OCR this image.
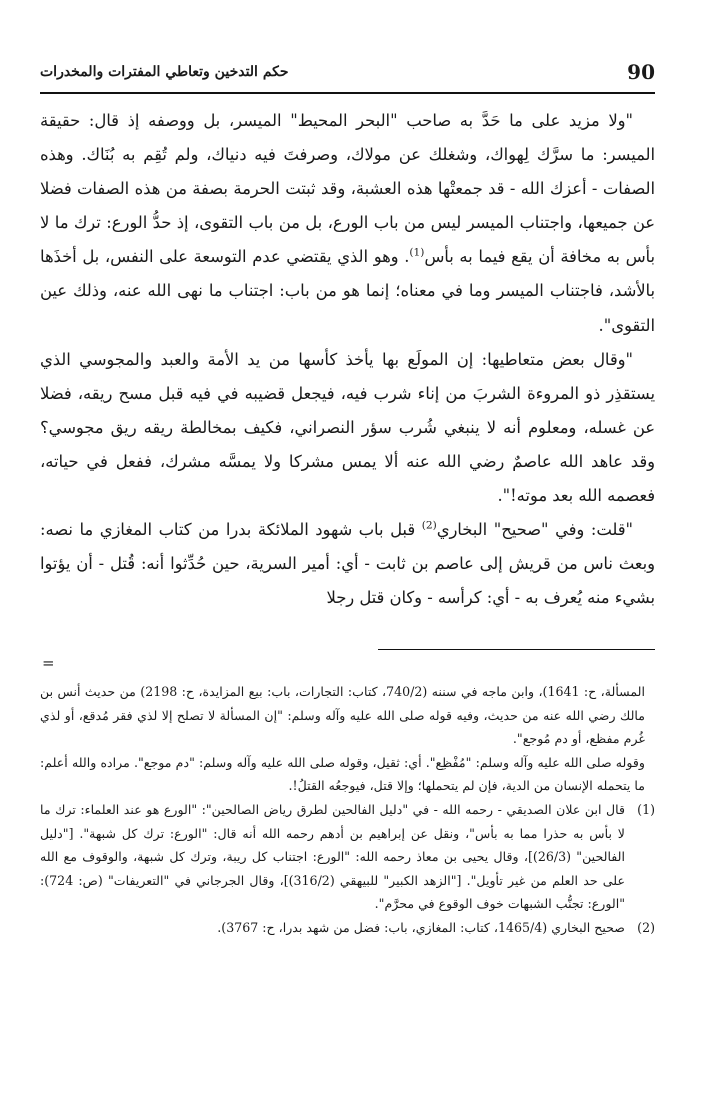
90
حكم التدخين وتعاطي المفترات والمخدرات

"ولا مزيد على ما حَدَّ به صاحب "البحر المحيط" الميسر، بل ووصفه إذ قال: حقيقة الميسر: ما سرَّك لِهواك، وشغلك عن مولاك، وصرفتَ فيه دنياك، ولم تُقِم به بُنَاك. وهذه الصفات - أعزك الله - قد جمعتْها هذه العشبة، وقد ثبتت الحرمة بصفة من هذه الصفات فضلا عن جميعها، واجتناب الميسر ليس من باب الورع، بل من باب التقوى، إذ حدُّ الورع: ترك ما لا بأس به مخافة أن يقع فيما به بأس$^{(1)}$. وهو الذي يقتضي عدم التوسعة على النفس، بل أخذَها بالأشد، فاجتناب الميسر وما في معناه؛ إنما هو من باب: اجتناب ما نهى الله عنه، وذلك عين التقوى".

"وقال بعض متعاطيها: إن المولَع بها يأخذ كأسها من يد الأمة والعبد والمجوسي الذي يستقذِر ذو المروءة الشربَ من إناء شرب فيه، فيجعل قضيبه في فيه قبل مسح ريقه، فضلا عن غسله، ومعلوم أنه لا ينبغي شُرب سؤر النصراني، فكيف بمخالطة ريقه ريق مجوسي؟ وقد عاهد الله عاصمٌ رضي الله عنه ألا يمس مشركا ولا يمسَّه مشرك، ففعل في حياته، فعصمه الله بعد موته!".

"قلت: وفي "صحيح" البخاري$^{(2)}$ قبل باب شهود الملائكة بدرا من كتاب المغازي ما نصه: وبعث ناس من قريش إلى عاصم بن ثابت - أي: أمير السرية، حين حُدِّثوا أنه: قُتل - أن يؤتوا بشيء منه يُعرف به - أي: كرأسه - وكان قتل رجلا

=

المسألة، ح: 1641)، وابن ماجه في سننه (740/2، كتاب: التجارات، باب: بيع المزايدة، ح: 2198) من حديث أنس بن مالك رضي الله عنه من حديث، وفيه قوله صلى الله عليه وآله وسلم: "إن المسألة لا تصلح إلا لذي فقر مُدقع، أو لذي غُرم مفظع، أو دم مُوجع".

وقوله صلى الله عليه وآله وسلم: "مُفْظِع". أي: ثقيل، وقوله صلى الله عليه وآله وسلم: "دم موجع". مراده والله أعلم: ما يتحمله الإنسان من الدية، فإن لم يتحملها؛ وإلا قتل، فيوجعُه القتلُ!.

(1)
قال ابن علان الصديقي - رحمه الله - في "دليل الفالحين لطرق رياض الصالحين": "الورع هو عند العلماء: ترك ما لا بأس به حذرا مما به بأس"، ونقل عن إبراهيم بن أدهم رحمه الله أنه قال: "الورع: ترك كل شبهة". ["دليل الفالحين" (26/3)]، وقال يحيى بن معاذ رحمه الله: "الورع: اجتناب كل ريبة، وترك كل شبهة، والوقوف مع الله على حد العلم من غير تأويل". ["الزهد الكبير" للبيهقي (316/2)]، وقال الجرجاني في "التعريفات" (ص: 724): "الورع: تجنُّب الشبهات خوف الوقوع في محرَّم".

(2)
صحيح البخاري (1465/4، كتاب: المغازي، باب: فضل من شهد بدرا، ح: 3767).
